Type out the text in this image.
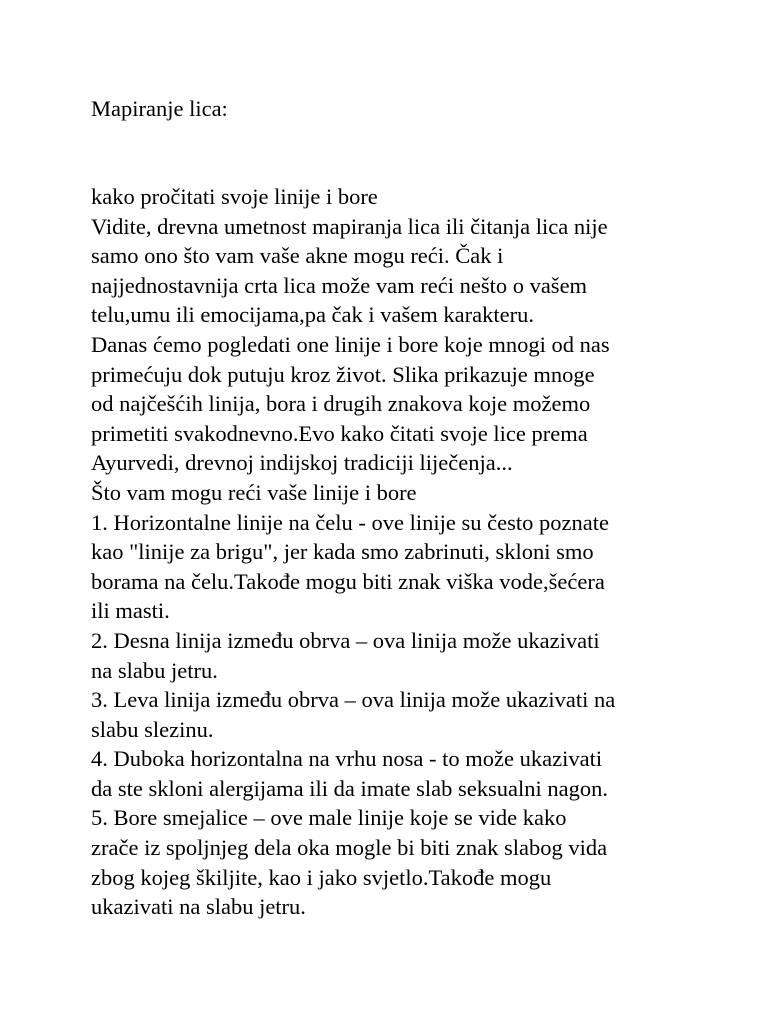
Mapiranje lica:
kako pročitati svoje linije i bore
Vidite, drevna umetnost mapiranja lica ili čitanja lica nije
samo ono što vam vaše akne mogu reći. Čak i
najjednostavnija crta lica može vam reći nešto o vašem
telu,umu ili emocijama,pa čak i vašem karakteru.
Danas ćemo pogledati one linije i bore koje mnogi od nas
primećuju dok putuju kroz život. Slika prikazuje mnoge
od najčešćih linija, bora i drugih znakova koje možemo
primetiti svakodnevno.Evo kako čitati svoje lice prema
Ayurvedi, drevnoj indijskoj tradiciji liječenja...
Što vam mogu reći vaše linije i bore
1. Horizontalne linije na čelu - ove linije su često poznate
kao "linije za brigu", jer kada smo zabrinuti, skloni smo
borama na čelu.Takođe mogu biti znak viška vode,šećera
ili masti.
2. Desna linija između obrva – ova linija može ukazivati
na slabu jetru.
3. Leva linija između obrva – ova linija može ukazivati na
slabu slezinu.
4. Duboka horizontalna na vrhu nosa - to može ukazivati
da ste skloni alergijama ili da imate slab seksualni nagon.
5. Bore smejalice – ove male linije koje se vide kako
zrače iz spoljnjeg dela oka mogle bi biti znak slabog vida
zbog kojeg škiljite, kao i jako svjetlo.Takođe mogu
ukazivati na slabu jetru.
